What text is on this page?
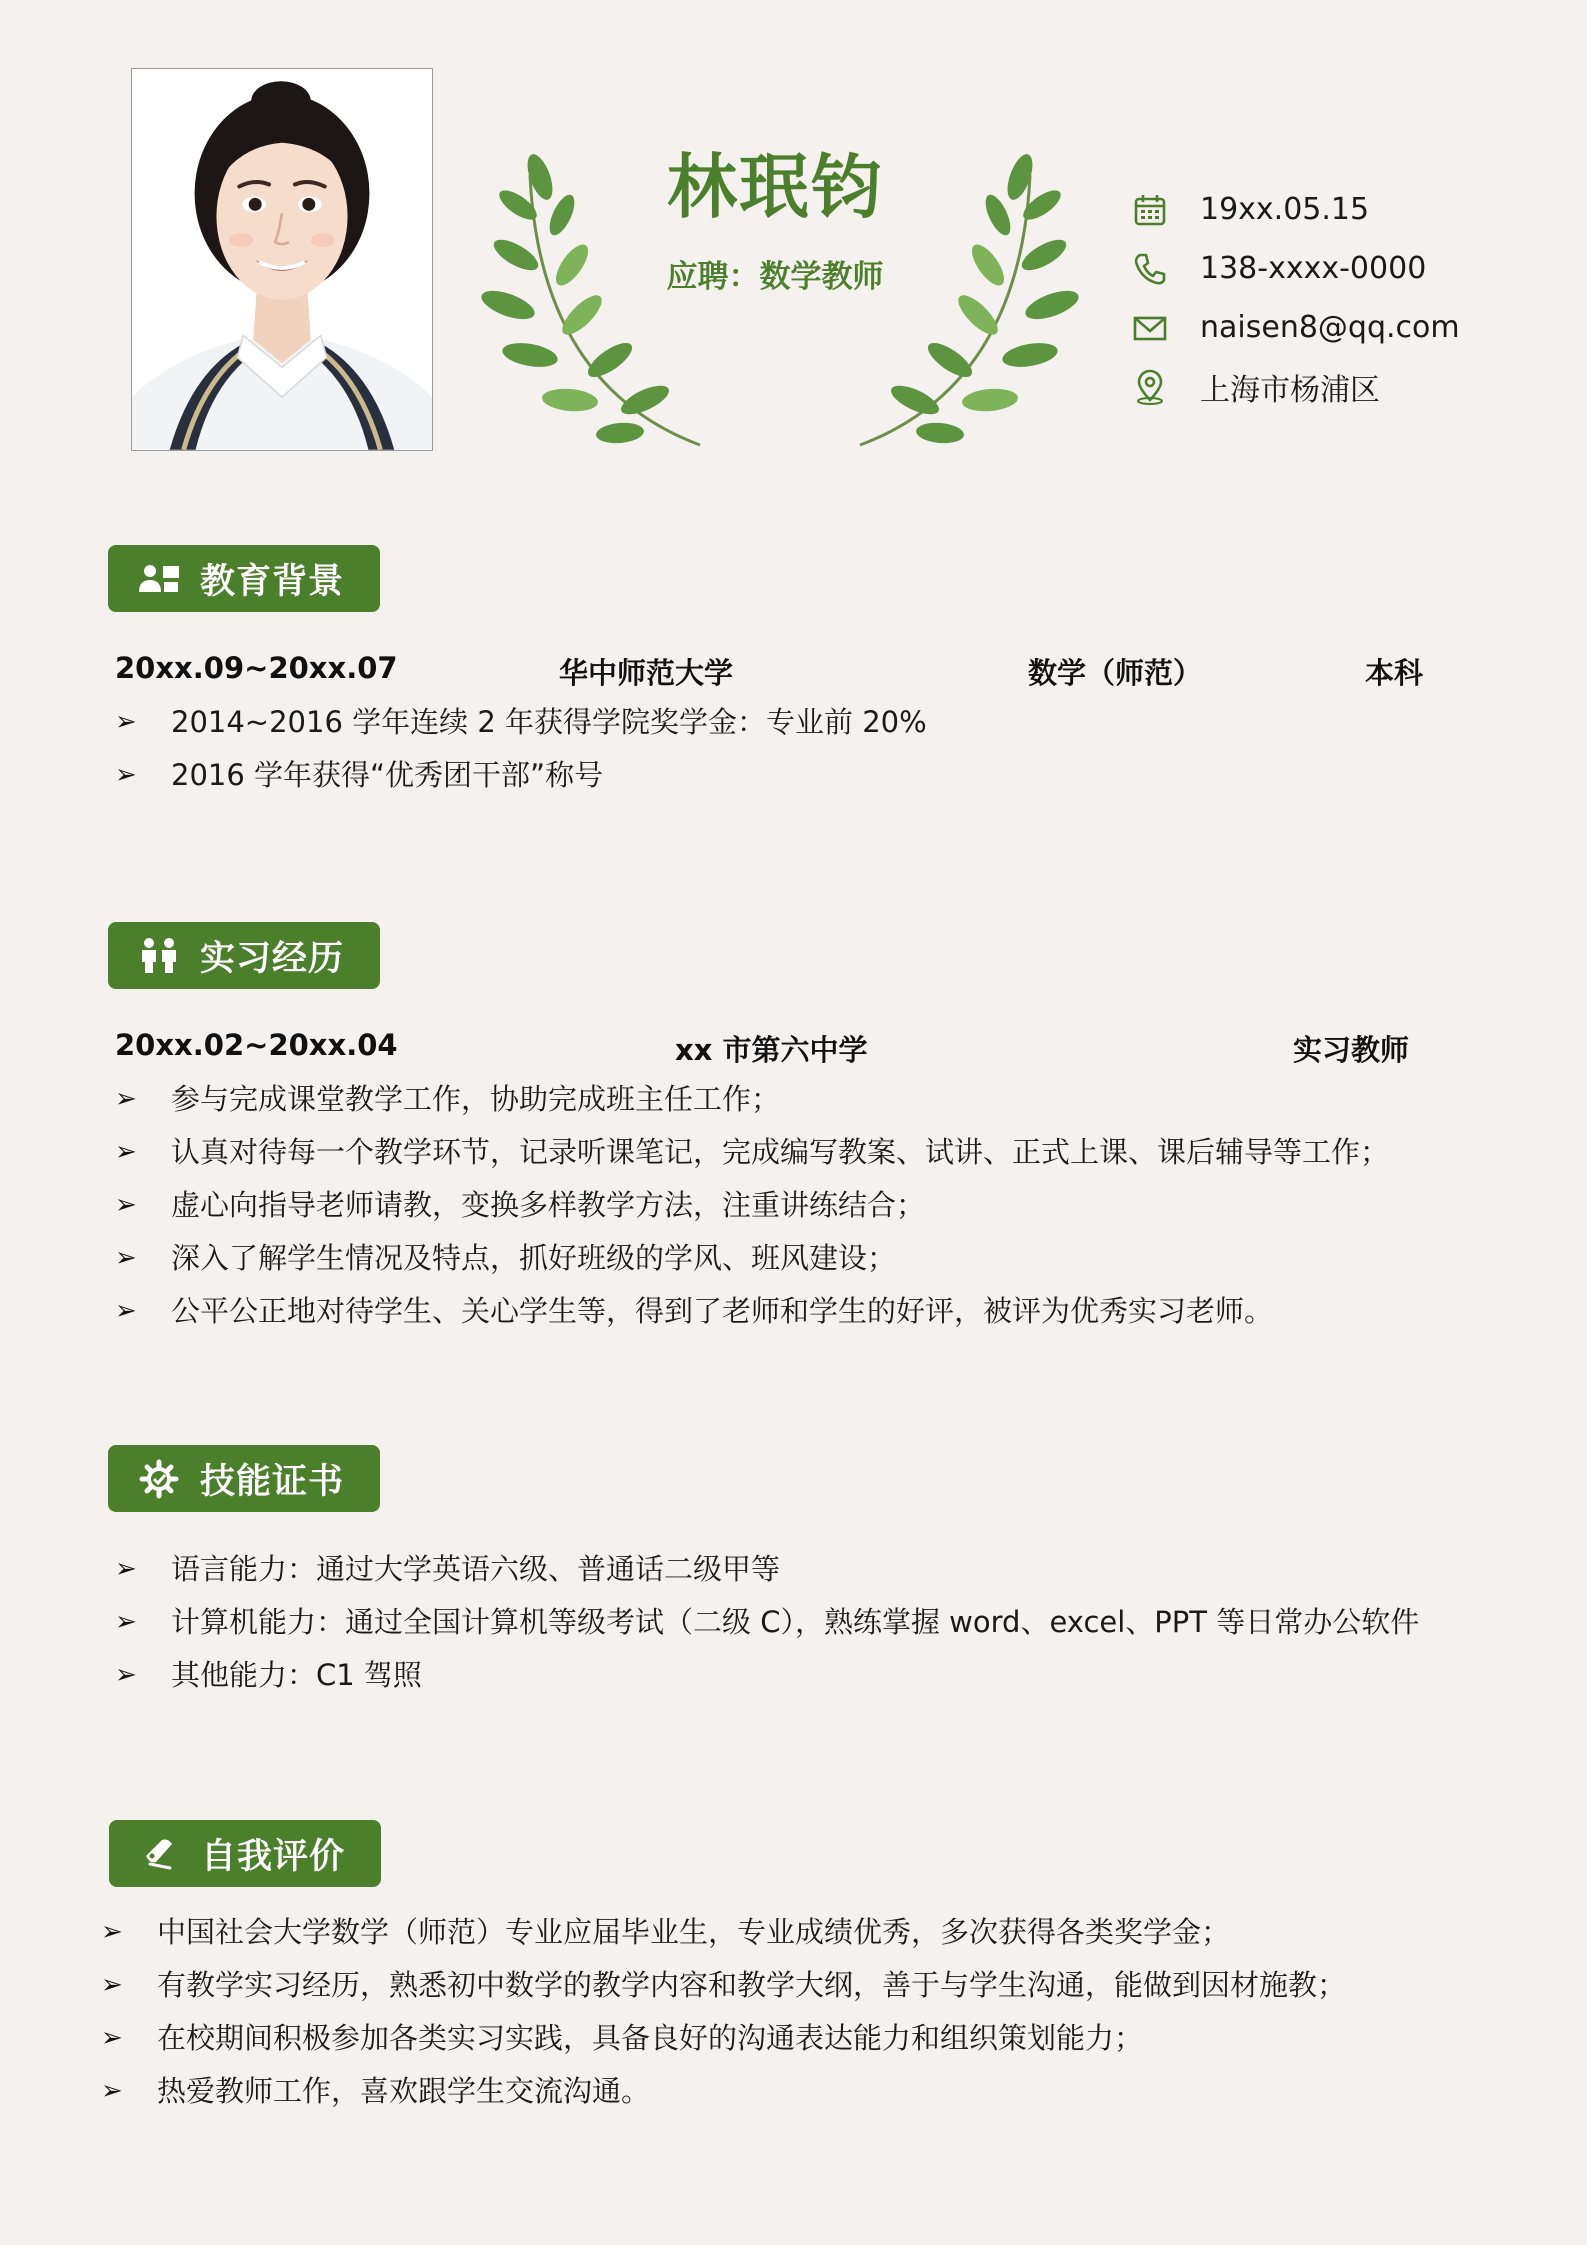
林珉钧
应聘：数学教师
19xx.05.15
138-xxxx-0000
naisen8@qq.com
上海市杨浦区
教育背景
20xx.09~20xx.07	华中师范大学	数学（师范）	本科
➢ 2014~2016 学年连续 2 年获得学院奖学金：专业前 20%
➢ 2016 学年获得“优秀团干部”称号
实习经历
20xx.02~20xx.04	xx 市第六中学	实习教师
➢ 参与完成课堂教学工作，协助完成班主任工作；
➢ 认真对待每一个教学环节，记录听课笔记，完成编写教案、试讲、正式上课、课后辅导等工作；
➢ 虚心向指导老师请教，变换多样教学方法，注重讲练结合；
➢ 深入了解学生情况及特点，抓好班级的学风、班风建设；
➢ 公平公正地对待学生、关心学生等，得到了老师和学生的好评，被评为优秀实习老师。
技能证书
➢ 语言能力：通过大学英语六级、普通话二级甲等
➢ 计算机能力：通过全国计算机等级考试（二级 C），熟练掌握 word、excel、PPT 等日常办公软件
➢ 其他能力：C1 驾照
自我评价
➢ 中国社会大学数学（师范）专业应届毕业生，专业成绩优秀，多次获得各类奖学金；
➢ 有教学实习经历，熟悉初中数学的教学内容和教学大纲，善于与学生沟通，能做到因材施教；
➢ 在校期间积极参加各类实习实践，具备良好的沟通表达能力和组织策划能力；
➢ 热爱教师工作，喜欢跟学生交流沟通。
